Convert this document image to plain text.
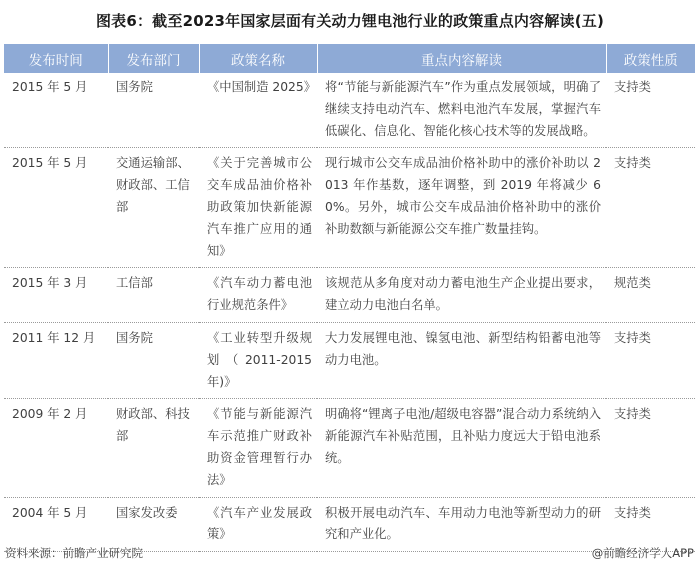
图表6：截至2023年国家层面有关动力锂电池行业的政策重点内容解读(五)
发布时间	发布部门	政策名称	重点内容解读	政策性质
2015 年 5 月	国务院	《中国制造 2025》	将“节能与新能源汽车”作为重点发展领域，明确了继续支持电动汽车、燃料电池汽车发展，掌握汽车低碳化、信息化、智能化核心技术等的发展战略。	支持类
2015 年 5 月	交通运输部、财政部、工信部	《关于完善城市公交车成品油价格补助政策加快新能源汽车推广应用的通知》	现行城市公交车成品油价格补助中的涨价补助以 2013 年作基数，逐年调整，到 2019 年将减少 60%。另外，城市公交车成品油价格补助中的涨价补助数额与新能源公交车推广数量挂钩。	支持类
2015 年 3 月	工信部	《汽车动力蓄电池行业规范条件》	该规范从多角度对动力蓄电池生产企业提出要求，建立动力电池白名单。	规范类
2011 年 12 月	国务院	《工业转型升级规划 （ 2011-2015 年)》	大力发展锂电池、镍氢电池、新型结构铅蓄电池等动力电池。	支持类
2009 年 2 月	财政部、科技部	《节能与新能源汽车示范推广财政补助资金管理暂行办法》	明确将“锂离子电池/超级电容器”混合动力系统纳入新能源汽车补贴范围，且补贴力度远大于铅电池系统。	支持类
2004 年 5 月	国家发改委	《汽车产业发展政策》	积极开展电动汽车、车用动力电池等新型动力的研究和产业化。	支持类
资料来源：前瞻产业研究院	@前瞻经济学人APP
